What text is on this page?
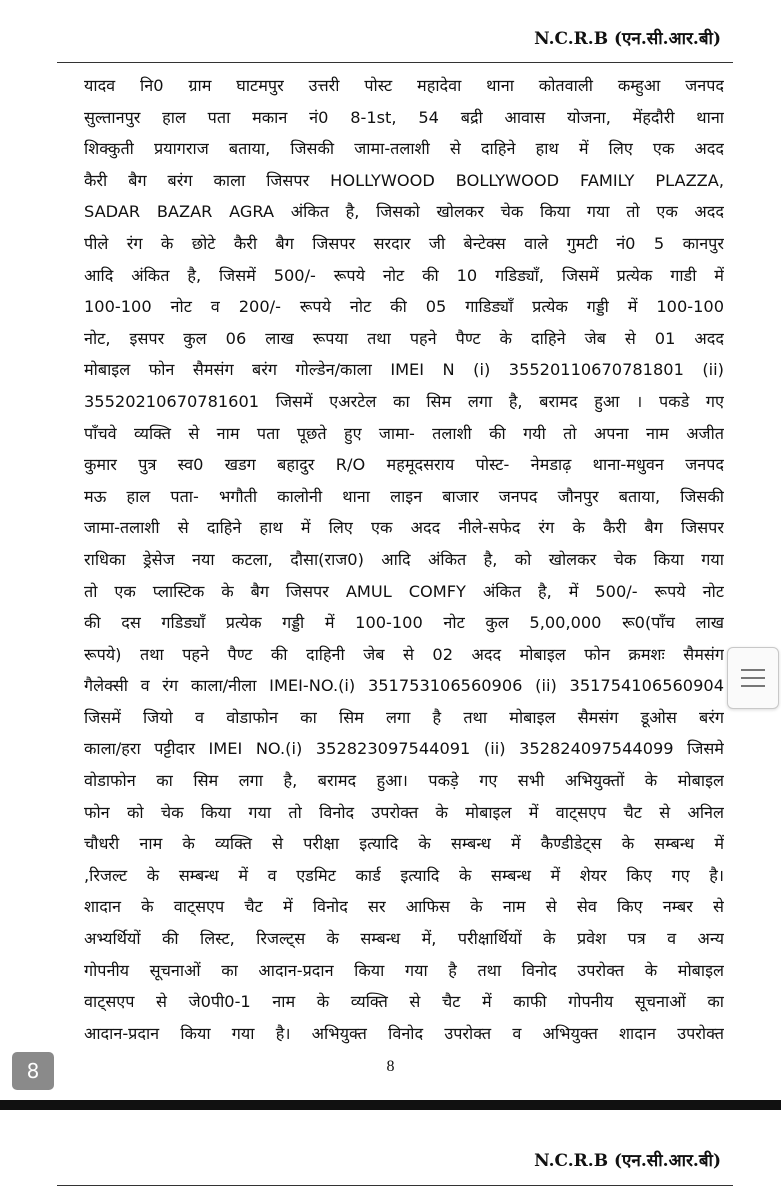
N.C.R.B (एन.सी.आर.बी)
यादव नि0 ग्राम घाटमपुर उत्तरी पोस्ट महादेवा थाना कोतवाली कम्हुआ जनपद
सुल्तानपुर हाल पता मकान नं0 8-1st, 54 बद्री आवास योजना, मेंहदौरी थाना
शिक्कुती प्रयागराज बताया, जिसकी जामा-तलाशी से दाहिने हाथ में लिए एक अदद
कैरी बैग बरंग काला जिसपर HOLLYWOOD BOLLYWOOD FAMILY PLAZZA,
SADAR BAZAR AGRA अंकित है, जिसको खोलकर चेक किया गया तो एक अदद
पीले रंग के छोटे कैरी बैग जिसपर सरदार जी बेन्टेक्स वाले गुमटी नं0 5 कानपुर
आदि अंकित है, जिसमें 500/- रूपये नोट की 10 गडिड्याँ, जिसमें प्रत्येक गाडी में
100-100 नोट व 200/- रूपये नोट की 05 गाडिड्याँ प्रत्येक गड्डी में 100-100
नोट, इसपर कुल 06 लाख रूपया तथा पहने पैण्ट के दाहिने जेब से 01 अदद
मोबाइल फोन सैमसंग बरंग गोल्डेन/काला IMEI N (i) 35520110670781801 (ii)
35520210670781601 जिसमें एअरटेल का सिम लगा है, बरामद हुआ । पकडे गए
पाँचवे व्यक्ति से नाम पता पूछते हुए जामा- तलाशी की गयी तो अपना नाम अजीत
कुमार पुत्र स्व0 खडग बहादुर R/O महमूदसराय पोस्ट- नेमडाढ़ थाना-मधुवन जनपद
मऊ हाल पता- भगौती कालोनी थाना लाइन बाजार जनपद जौनपुर बताया, जिसकी
जामा-तलाशी से दाहिने हाथ में लिए एक अदद नीले-सफेद रंग के कैरी बैग जिसपर
राधिका ड्रेसेज नया कटला, दौसा(राज0) आदि अंकित है, को खोलकर चेक किया गया
तो एक प्लास्टिक के बैग जिसपर AMUL COMFY अंकित है, में 500/- रूपये नोट
की दस गडिड्याँ प्रत्येक गड्डी में 100-100 नोट कुल 5,00,000 रू0(पाँच लाख
रूपये) तथा पहने पैण्ट की दाहिनी जेब से 02 अदद मोबाइल फोन क्रमशः सैमसंग
गैलेक्सी व रंग काला/नीला IMEI-NO.(i) 351753106560906 (ii) 351754106560904
जिसमें जियो व वोडाफोन का सिम लगा है तथा मोबाइल सैमसंग डूओस बरंग
काला/हरा पट्टीदार IMEI NO.(i) 352823097544091 (ii) 352824097544099 जिसमे
वोडाफोन का सिम लगा है, बरामद हुआ। पकड़े गए सभी अभियुक्तों के मोबाइल
फोन को चेक किया गया तो विनोद उपरोक्त के मोबाइल में वाट्सएप चैट से अनिल
चौधरी नाम के व्यक्ति से परीक्षा इत्यादि के सम्बन्ध में कैण्डीडेट्स के सम्बन्ध में
,रिजल्ट के सम्बन्ध में व एडमिट कार्ड इत्यादि के सम्बन्ध में शेयर किए गए है।
शादान के वाट्सएप चैट में विनोद सर आफिस के नाम से सेव किए नम्बर से
अभ्यर्थियों की लिस्ट, रिजल्ट्स के सम्बन्ध में, परीक्षार्थियों के प्रवेश पत्र व अन्य
गोपनीय सूचनाओं का आदान-प्रदान किया गया है तथा विनोद उपरोक्त के मोबाइल
वाट्सएप से जे0पी0-1 नाम के व्यक्ति से चैट में काफी गोपनीय सूचनाओं का
आदान-प्रदान किया गया है। अभियुक्त विनोद उपरोक्त व अभियुक्त शादान उपरोक्त
8
8
N.C.R.B (एन.सी.आर.बी)
